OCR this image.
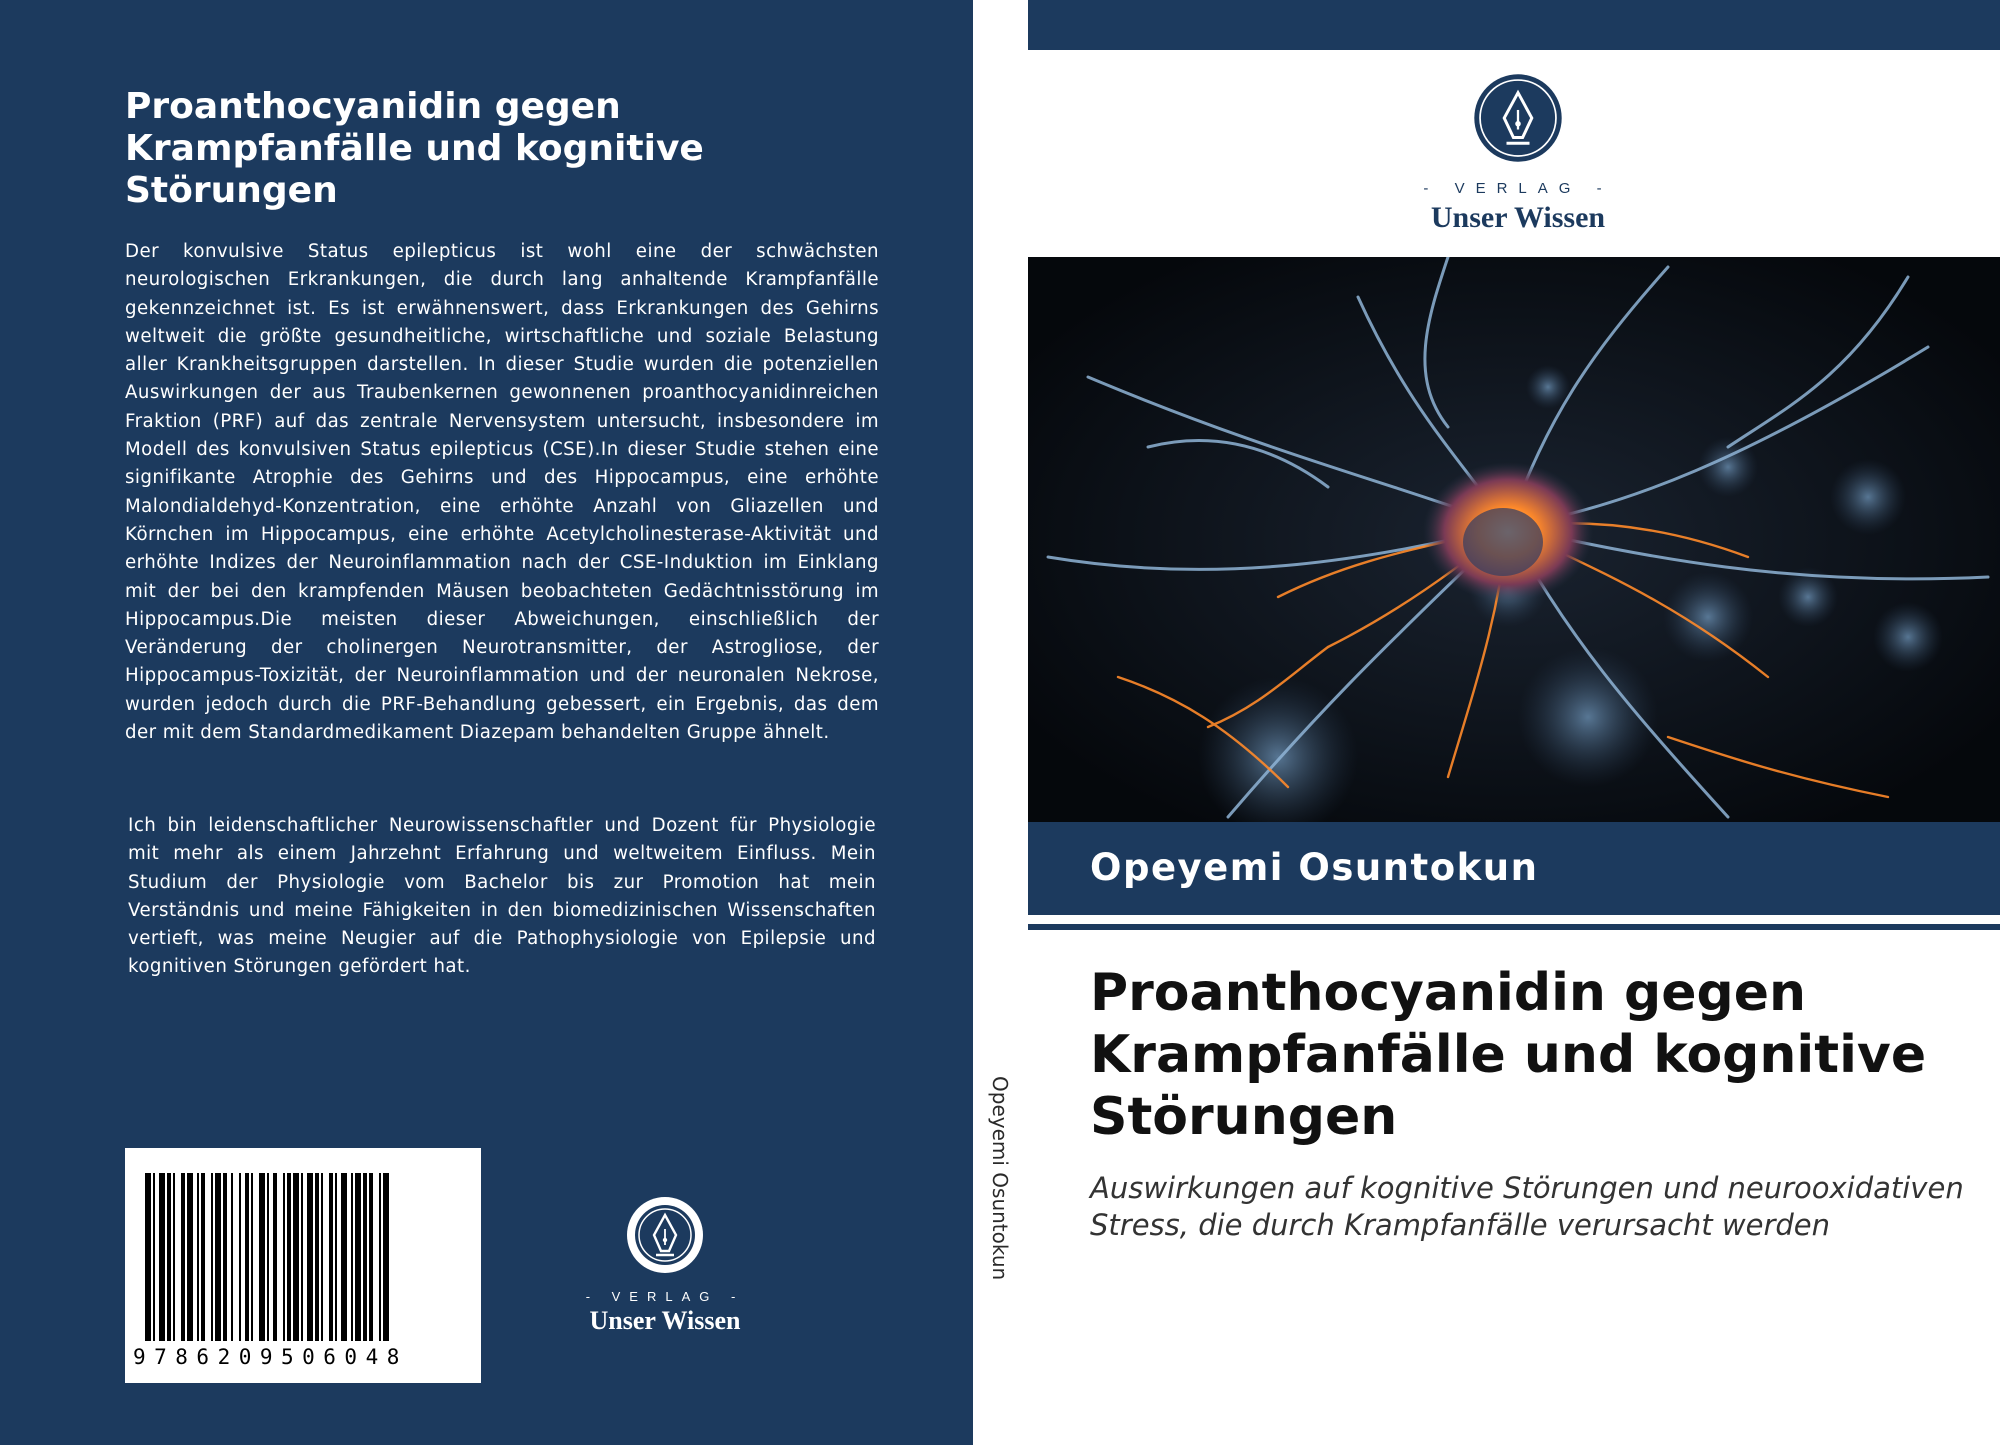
Proanthocyanidin gegen Krampfanfälle und kognitive Störungen

Der konvulsive Status epilepticus ist wohl eine der schwächsten neurologischen Erkrankungen, die durch lang anhaltende Krampfanfälle gekennzeichnet ist. Es ist erwähnenswert, dass Erkrankungen des Gehirns weltweit die größte gesundheitliche, wirtschaftliche und soziale Belastung aller Krankheitsgruppen darstellen. In dieser Studie wurden die potenziellen Auswirkungen der aus Traubenkernen gewonnenen proanthocyanidinreichen Fraktion (PRF) auf das zentrale Nervensystem untersucht, insbesondere im Modell des konvulsiven Status epilepticus (CSE).In dieser Studie stehen eine signifikante Atrophie des Gehirns und des Hippocampus, eine erhöhte Malondialdehyd-Konzentration, eine erhöhte Anzahl von Gliazellen und Körnchen im Hippocampus, eine erhöhte Acetylcholinesterase-Aktivität und erhöhte Indizes der Neuroinflammation nach der CSE-Induktion im Einklang mit der bei den krampfenden Mäusen beobachteten Gedächtnisstörung im Hippocampus.Die meisten dieser Abweichungen, einschließlich der Veränderung der cholinergen Neurotransmitter, der Astrogliose, der Hippocampus-Toxizität, der Neuroinflammation und der neuronalen Nekrose, wurden jedoch durch die PRF-Behandlung gebessert, ein Ergebnis, das dem der mit dem Standardmedikament Diazepam behandelten Gruppe ähnelt.

Ich bin leidenschaftlicher Neurowissenschaftler und Dozent für Physiologie mit mehr als einem Jahrzehnt Erfahrung und weltweitem Einfluss. Mein Studium der Physiologie vom Bachelor bis zur Promotion hat mein Verständnis und meine Fähigkeiten in den biomedizinischen Wissenschaften vertieft, was meine Neugier auf die Pathophysiologie von Epilepsie und kognitiven Störungen gefördert hat.

9786209506048
- VERLAG -
Unser Wissen
Opeyemi Osuntokun
- VERLAG -
Unser Wissen
Opeyemi Osuntokun
Proanthocyanidin gegen Krampfanfälle und kognitive Störungen

Auswirkungen auf kognitive Störungen und neurooxidativen Stress, die durch Krampfanfälle verursacht werden
